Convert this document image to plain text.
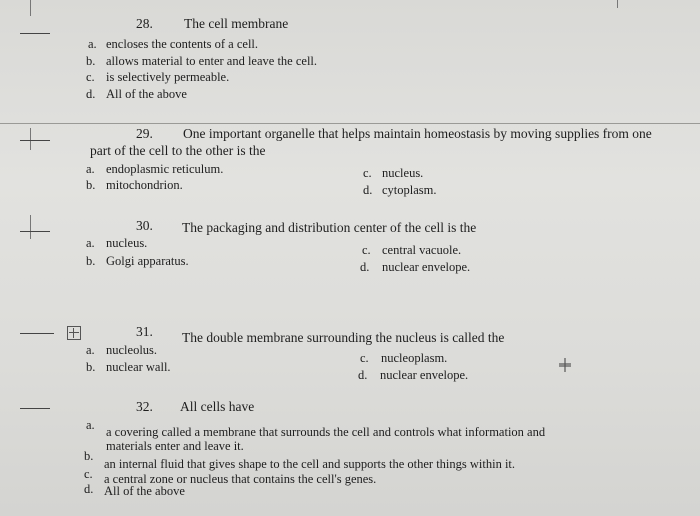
28. The cell membrane
a. encloses the contents of a cell.
b. allows material to enter and leave the cell.
c. is selectively permeable.
d. All of the above
29. One important organelle that helps maintain homeostasis by moving supplies from one
part of the cell to the other is the
a. endoplasmic reticulum.
b. mitochondrion.
c. nucleus.
d. cytoplasm.
30. The packaging and distribution center of the cell is the
a. nucleus.
b. Golgi apparatus.
c. central vacuole.
d. nuclear envelope.
31. The double membrane surrounding the nucleus is called the
a. nucleolus.
b. nuclear wall.
c. nucleoplasm.
d. nuclear envelope.
32. All cells have
a. a covering called a membrane that surrounds the cell and controls what information and
materials enter and leave it.
b.
an internal fluid that gives shape to the cell and supports the other things within it.
c. a central zone or nucleus that contains the cell's genes.
d. All of the above
